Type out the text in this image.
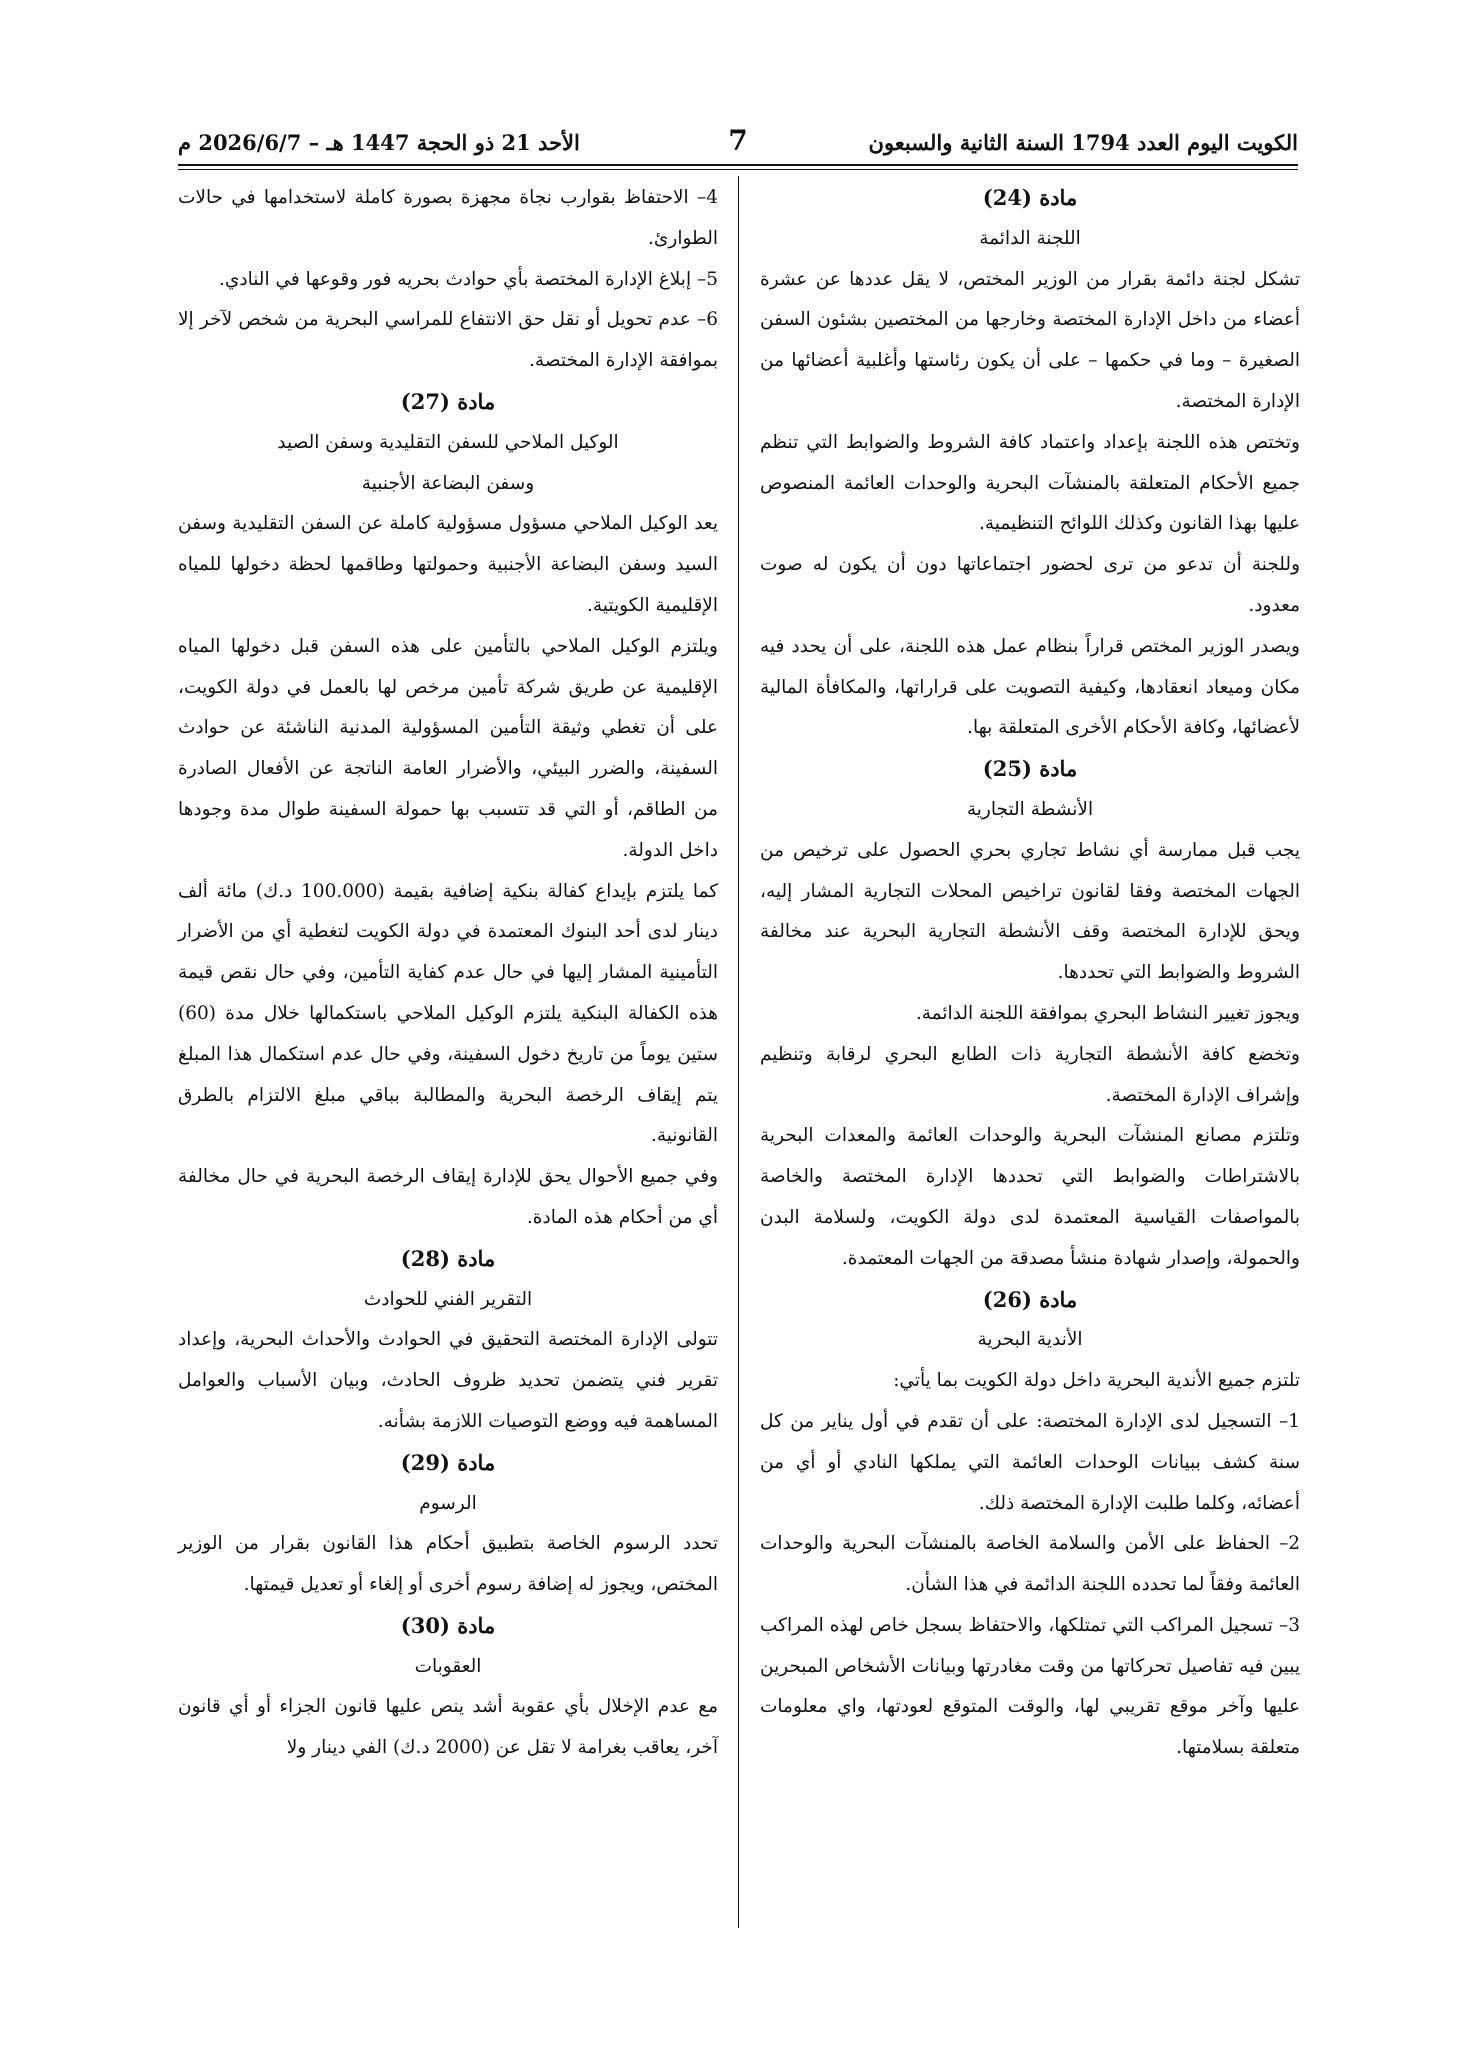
الكويت اليوم العدد 1794 السنة الثانية والسبعون
7
الأحد 21 ذو الحجة 1447 هـ – 2026/6/7 م

مادة (24)

اللجنة الدائمة

تشكل لجنة دائمة بقرار من الوزير المختص، لا يقل عددها عن عشرة أعضاء من داخل الإدارة المختصة وخارجها من المختصين بشئون السفن الصغيرة – وما في حكمها – على أن يكون رئاستها وأغلبية أعضائها من الإدارة المختصة.

وتختص هذه اللجنة بإعداد واعتماد كافة الشروط والضوابط التي تنظم جميع الأحكام المتعلقة بالمنشآت البحرية والوحدات العائمة المنصوص عليها بهذا القانون وكذلك اللوائح التنظيمية.

وللجنة أن تدعو من ترى لحضور اجتماعاتها دون أن يكون له صوت معدود.

ويصدر الوزير المختص قراراً بنظام عمل هذه اللجنة، على أن يحدد فيه مكان وميعاد انعقادها، وكيفية التصويت على قراراتها، والمكافأة المالية لأعضائها، وكافة الأحكام الأخرى المتعلقة بها.

مادة (25)

الأنشطة التجارية

يجب قبل ممارسة أي نشاط تجاري بحري الحصول على ترخيص من الجهات المختصة وفقا لقانون تراخيص المحلات التجارية المشار إليه، ويحق للإدارة المختصة وقف الأنشطة التجارية البحرية عند مخالفة الشروط والضوابط التي تحددها.

ويجوز تغيير النشاط البحري بموافقة اللجنة الدائمة.

وتخضع كافة الأنشطة التجارية ذات الطابع البحري لرقابة وتنظيم وإشراف الإدارة المختصة.

وتلتزم مصانع المنشآت البحرية والوحدات العائمة والمعدات البحرية بالاشتراطات والضوابط التي تحددها الإدارة المختصة والخاصة بالمواصفات القياسية المعتمدة لدى دولة الكويت، ولسلامة البدن والحمولة، وإصدار شهادة منشأ مصدقة من الجهات المعتمدة.

مادة (26)

الأندية البحرية

تلتزم جميع الأندية البحرية داخل دولة الكويت بما يأتي:

1– التسجيل لدى الإدارة المختصة: على أن تقدم في أول يناير من كل سنة كشف ببيانات الوحدات العائمة التي يملكها النادي أو أي من أعضائه، وكلما طلبت الإدارة المختصة ذلك.

2– الحفاظ على الأمن والسلامة الخاصة بالمنشآت البحرية والوحدات العائمة وفقاً لما تحدده اللجنة الدائمة في هذا الشأن.

3– تسجيل المراكب التي تمتلكها، والاحتفاظ بسجل خاص لهذه المراكب يبين فيه تفاصيل تحركاتها من وقت مغادرتها وبيانات الأشخاص المبحرين عليها وآخر موقع تقريبي لها، والوقت المتوقع لعودتها، واي معلومات متعلقة بسلامتها.

4– الاحتفاظ بقوارب نجاة مجهزة بصورة كاملة لاستخدامها في حالات الطوارئ.

5– إبلاغ الإدارة المختصة بأي حوادث بحريه فور وقوعها في النادي.

6– عدم تحويل أو نقل حق الانتفاع للمراسي البحرية من شخص لآخر إلا بموافقة الإدارة المختصة.

مادة (27)

الوكيل الملاحي للسفن التقليدية وسفن الصيد

وسفن البضاعة الأجنبية

يعد الوكيل الملاحي مسؤول مسؤولية كاملة عن السفن التقليدية وسفن السيد وسفن البضاعة الأجنبية وحمولتها وطاقمها لحظة دخولها للمياه الإقليمية الكويتية.

ويلتزم الوكيل الملاحي بالتأمين على هذه السفن قبل دخولها المياه الإقليمية عن طريق شركة تأمين مرخص لها بالعمل في دولة الكويت، على أن تغطي وثيقة التأمين المسؤولية المدنية الناشئة عن حوادث السفينة، والضرر البيئي، والأضرار العامة الناتجة عن الأفعال الصادرة من الطاقم، أو التي قد تتسبب بها حمولة السفينة طوال مدة وجودها داخل الدولة.

كما يلتزم بإيداع كفالة بنكية إضافية بقيمة (100.000 د.ك) مائة ألف دينار لدى أحد البنوك المعتمدة في دولة الكويت لتغطية أي من الأضرار التأمينية المشار إليها في حال عدم كفاية التأمين، وفي حال نقص قيمة هذه الكفالة البنكية يلتزم الوكيل الملاحي باستكمالها خلال مدة (60) ستين يوماً من تاريخ دخول السفينة، وفي حال عدم استكمال هذا المبلغ يتم إيقاف الرخصة البحرية والمطالبة بباقي مبلغ الالتزام بالطرق القانونية.

وفي جميع الأحوال يحق للإدارة إيقاف الرخصة البحرية في حال مخالفة أي من أحكام هذه المادة.

مادة (28)

التقرير الفني للحوادث

تتولى الإدارة المختصة التحقيق في الحوادث والأحداث البحرية، وإعداد تقرير فني يتضمن تحديد ظروف الحادث، وبيان الأسباب والعوامل المساهمة فيه ووضع التوصيات اللازمة بشأنه.

مادة (29)

الرسوم

تحدد الرسوم الخاصة بتطبيق أحكام هذا القانون بقرار من الوزير المختص، ويجوز له إضافة رسوم أخرى أو إلغاء أو تعديل قيمتها.

مادة (30)

العقوبات

مع عدم الإخلال بأي عقوبة أشد ينص عليها قانون الجزاء أو أي قانون آخر، يعاقب بغرامة لا تقل عن (2000 د.ك) الفي دينار ولا
